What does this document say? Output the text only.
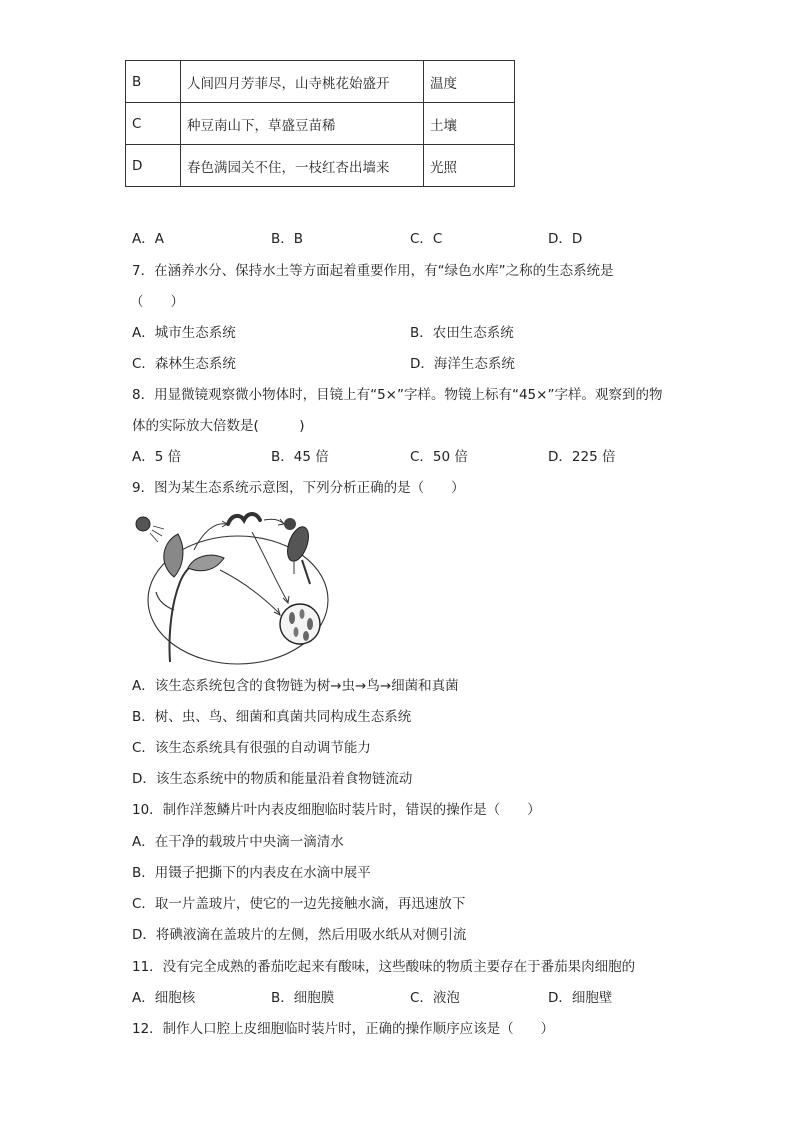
B	人间四月芳菲尽，山寺桃花始盛开	温度
C	种豆南山下，草盛豆苗稀	土壤
D	春色满园关不住，一枝红杏出墙来	光照
A．A	B．B	C．C	D．D
7．在涵养水分、保持水土等方面起着重要作用，有“绿色水库”之称的生态系统是
（　　）
A．城市生态系统	B．农田生态系统
C．森林生态系统	D．海洋生态系统
8．用显微镜观察微小物体时，目镜上有“5×”字样。物镜上标有“45×”字样。观察到的物
体的实际放大倍数是(　　　)
A．5 倍	B．45 倍	C．50 倍	D．225 倍
9．图为某生态系统示意图，下列分析正确的是（　　）
A．该生态系统包含的食物链为树→虫→鸟→细菌和真菌
B．树、虫、鸟、细菌和真菌共同构成生态系统
C．该生态系统具有很强的自动调节能力
D．该生态系统中的物质和能量沿着食物链流动
10．制作洋葱鳞片叶内表皮细胞临时装片时，错误的操作是（　　）
A．在干净的载玻片中央滴一滴清水
B．用镊子把撕下的内表皮在水滴中展平
C．取一片盖玻片，使它的一边先接触水滴，再迅速放下
D．将碘液滴在盖玻片的左侧，然后用吸水纸从对侧引流
11．没有完全成熟的番茄吃起来有酸味，这些酸味的物质主要存在于番茄果肉细胞的
A．细胞核	B．细胞膜	C．液泡	D．细胞壁
12．制作人口腔上皮细胞临时装片时，正确的操作顺序应该是（　　）
